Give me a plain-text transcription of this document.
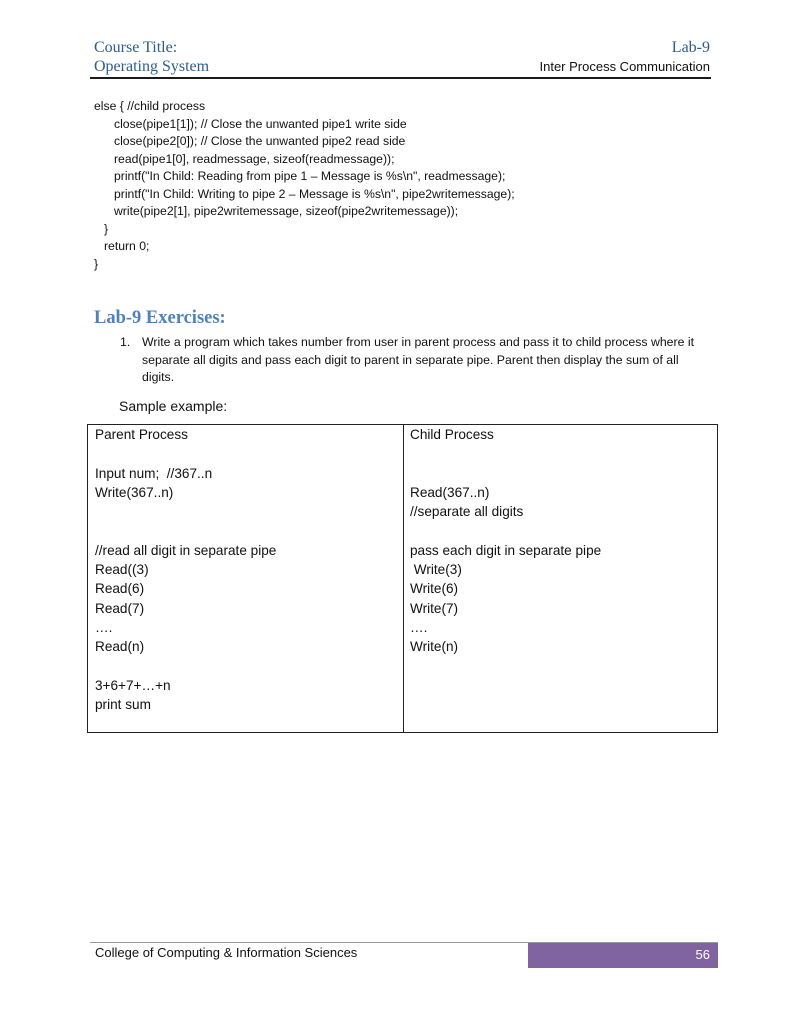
Course Title:
Operating System
Lab-9
Inter Process Communication
else { //child process
close(pipe1[1]); // Close the unwanted pipe1 write side
close(pipe2[0]); // Close the unwanted pipe2 read side
read(pipe1[0], readmessage, sizeof(readmessage));
printf("In Child: Reading from pipe 1 – Message is %s\n", readmessage);
printf("In Child: Writing to pipe 2 – Message is %s\n", pipe2writemessage);
write(pipe2[1], pipe2writemessage, sizeof(pipe2writemessage));
}
return 0;
}
Lab-9 Exercises:
1. Write a program which takes number from user in parent process and pass it to child process where it separate all digits and pass each digit to parent in separate pipe. Parent then display the sum of all digits.
Sample example:
Parent Process
Input num;  //367..n
Write(367..n)
//read all digit in separate pipe
Read((3)
Read(6)
Read(7)
….
Read(n)
3+6+7+…+n
print sum
Child Process
Read(367..n)
//separate all digits
pass each digit in separate pipe
Write(3)
Write(6)
Write(7)
….
Write(n)
College of Computing & Information Sciences	56
